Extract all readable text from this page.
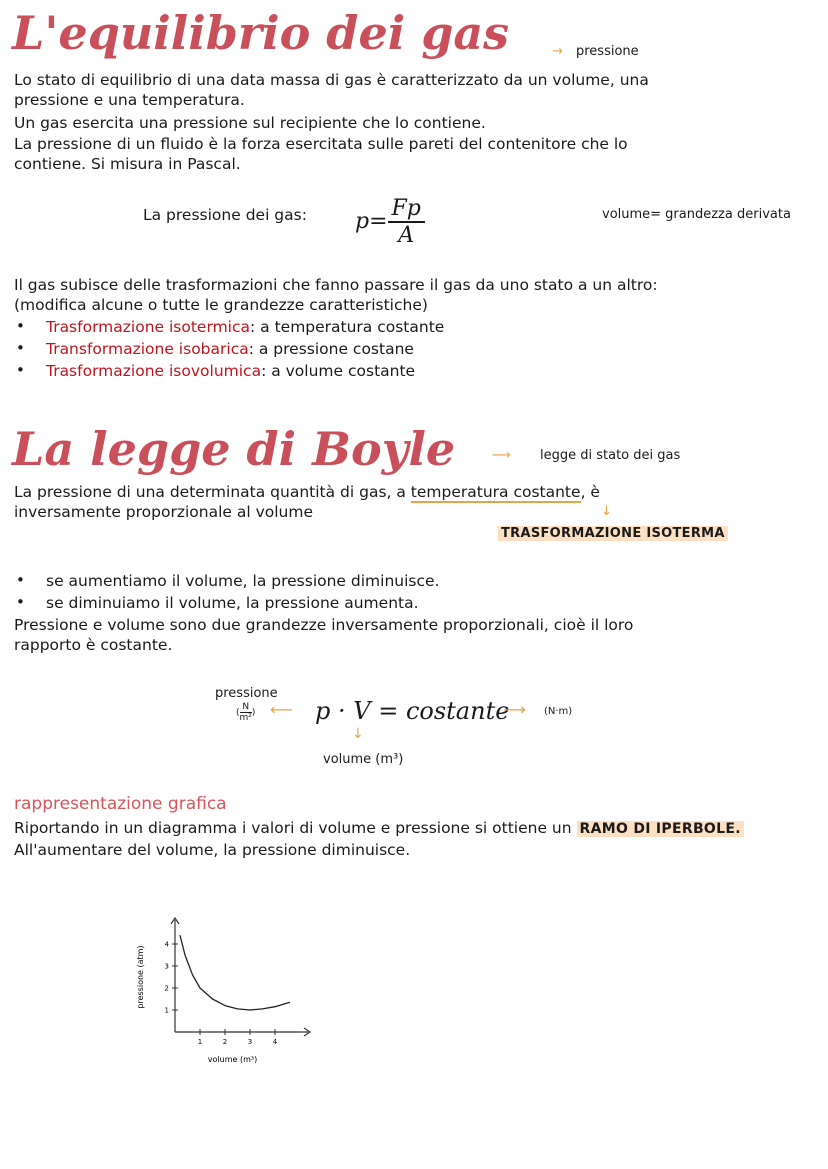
L'equilibrio dei gas	→ pressione
Lo stato di equilibrio di una data massa di gas è caratterizzato da un volume, una
pressione e una temperatura.
Un gas esercita una pressione sul recipiente che lo contiene.
La pressione di un fluido è la forza esercitata sulle pareti del contenitore che lo
contiene. Si misura in Pascal.
La pressione dei gas: $p= \frac{Fp}{A}$	volume= grandezza derivata
Il gas subisce delle trasformazioni che fanno passare il gas da uno stato a un altro:
(modifica alcune o tutte le grandezze caratteristiche)
• Trasformazione isotermica: a temperatura costante
• Transformazione isobarica: a pressione costane
• Trasformazione isovolumica: a volume costante
La legge di Boyle	⟶ legge di stato dei gas
La pressione di una determinata quantità di gas, a temperatura costante, è
inversamente proporzionale al volume	↓
TRASFORMAZIONE ISOTERMA
• se aumentiamo il volume, la pressione diminuisce.
• se diminuiamo il volume, la pressione aumenta.
Pressione e volume sono due grandezze inversamente proporzionali, cioè il loro
rapporto è costante.
pressione
( $\frac{N}{\text{m²}}$ ) ⟵ p · V = costante
⟶ (N·m)
↓
volume (m³)
rappresentazione grafica
Riportando in un diagramma i valori di volume e pressione si ottiene un RAMO DI IPERBOLE.
All'aumentare del volume, la pressione diminuisce.
1	2	3	4
1
2
3
4
volume (m³)
pressione (atm)
